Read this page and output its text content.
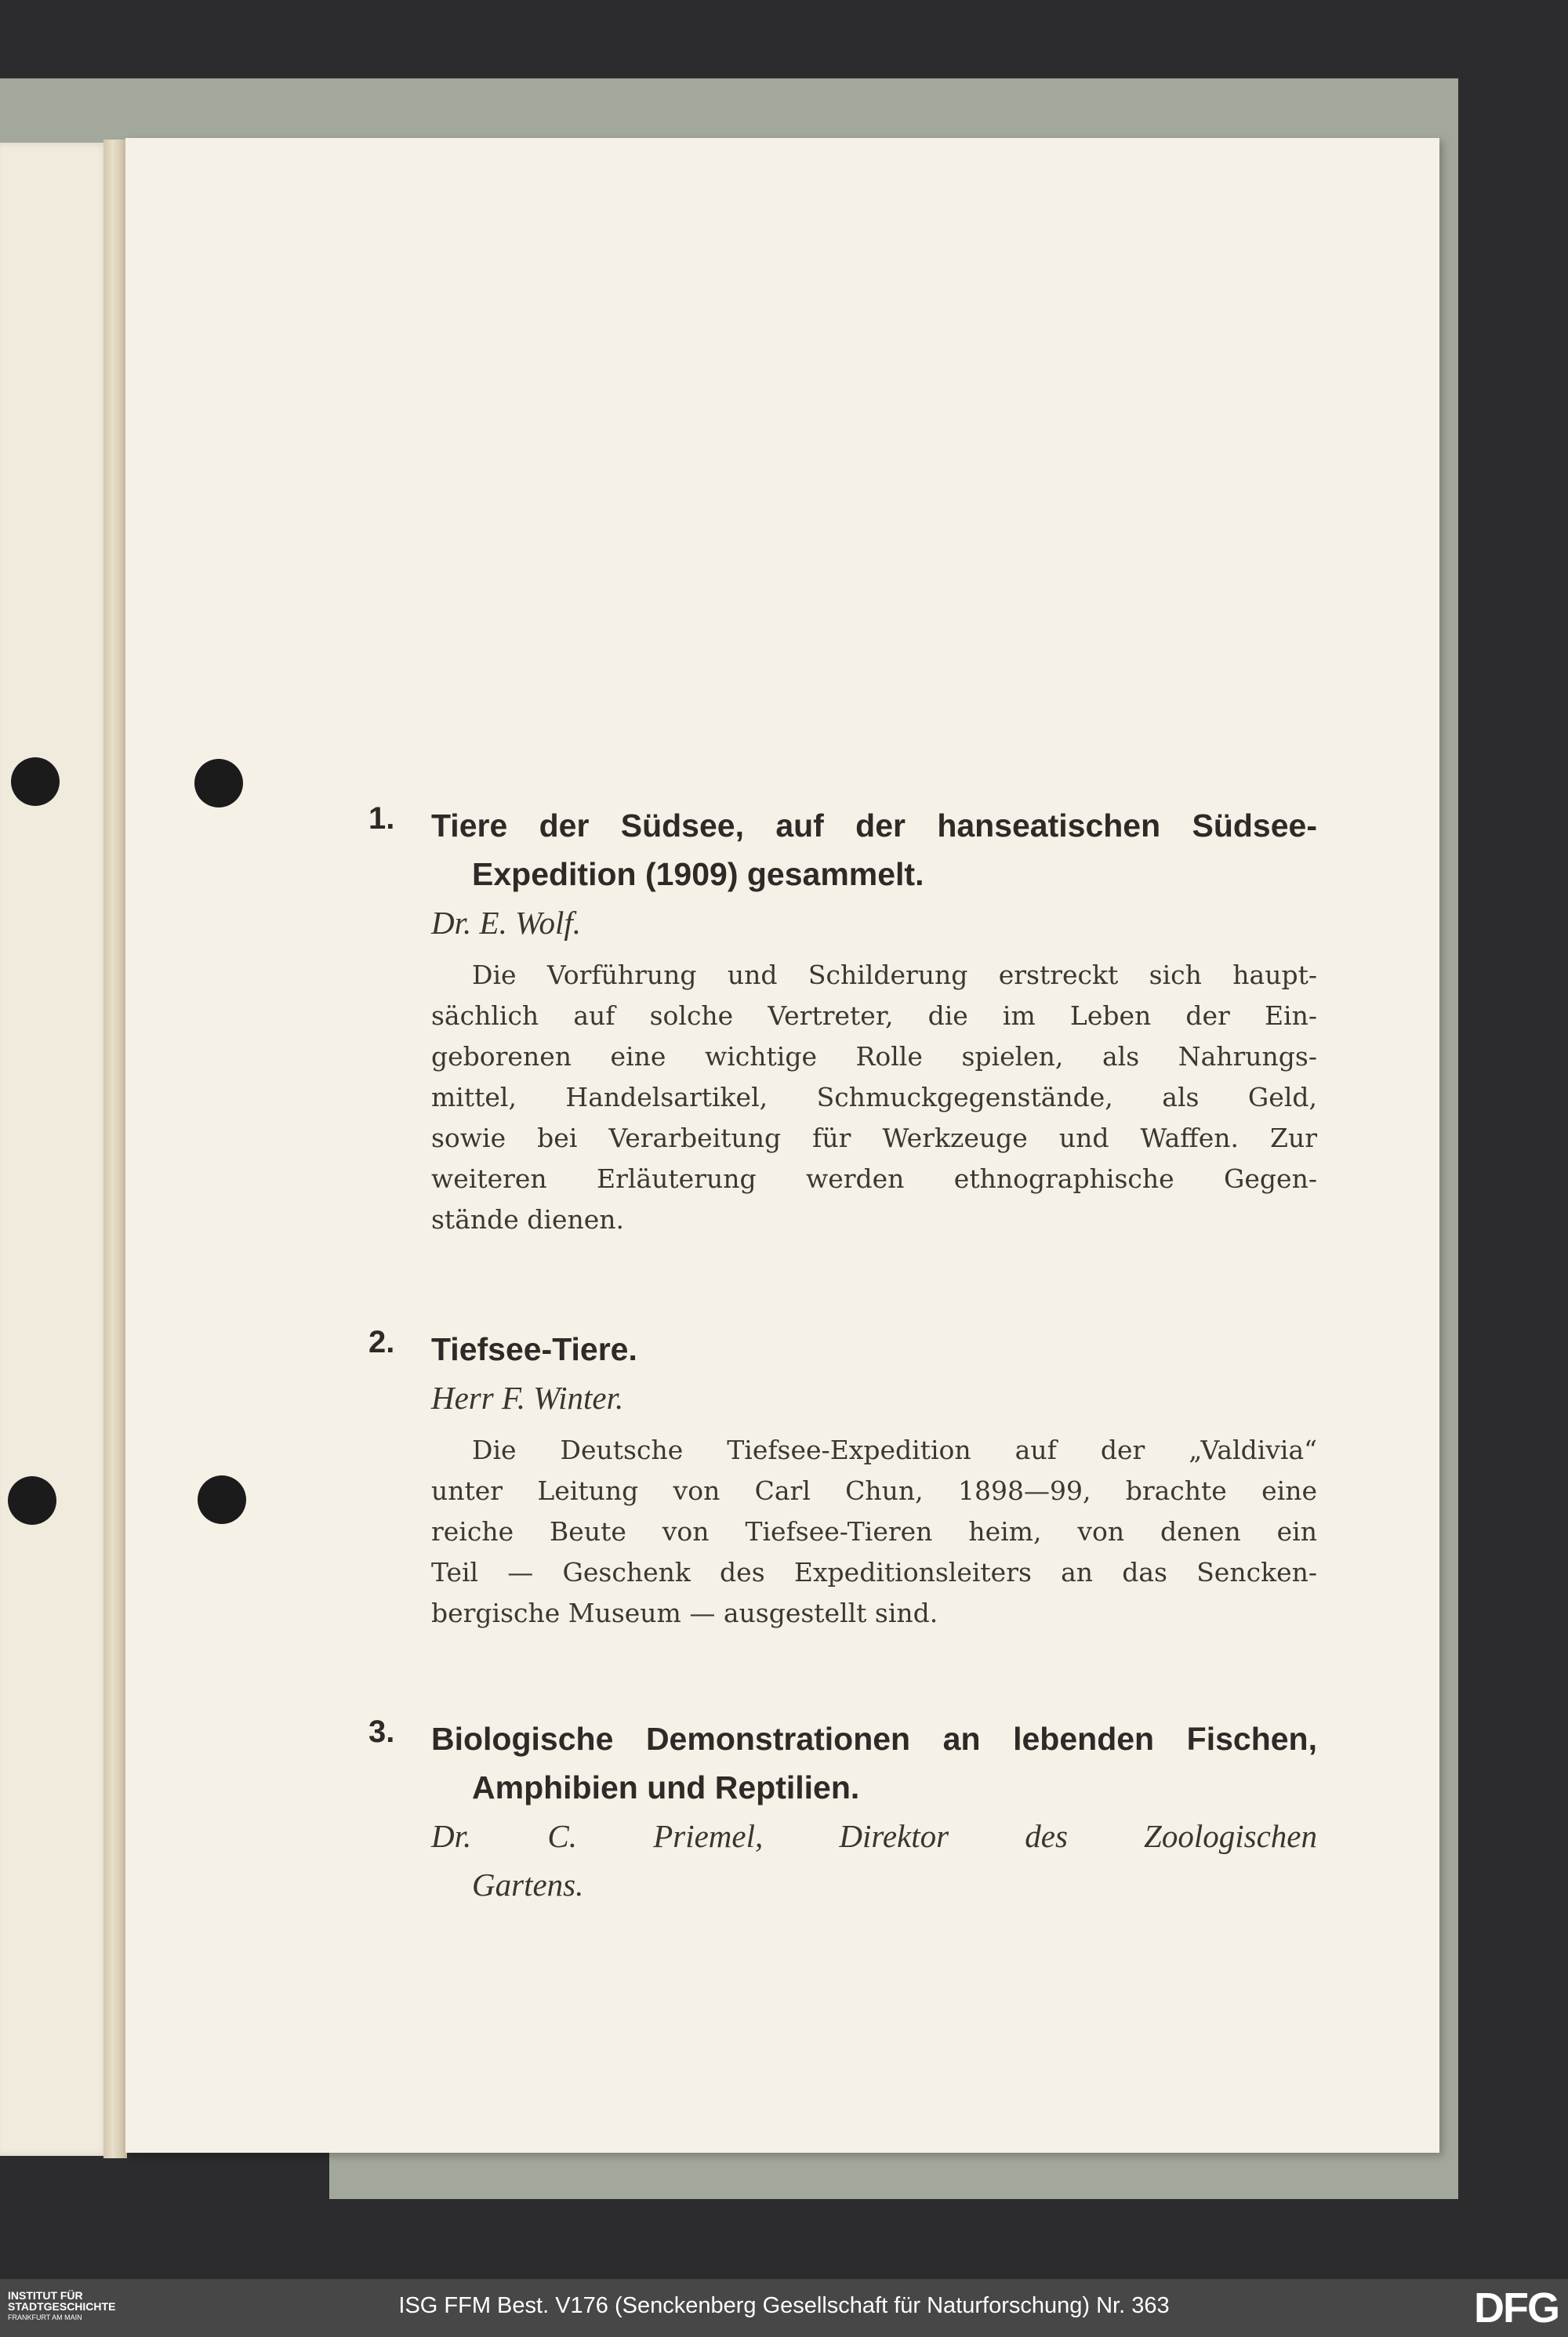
1. Tiere der Südsee, auf der hanseatischen Südsee-
Expedition (1909) gesammelt.

Dr. E. Wolf.

Die Vorführung und Schilderung erstreckt sich haupt-
sächlich auf solche Vertreter, die im Leben der Ein-
geborenen eine wichtige Rolle spielen, als Nahrungs-
mittel, Handelsartikel, Schmuckgegenstände, als Geld,
sowie bei Verarbeitung für Werkzeuge und Waffen. Zur
weiteren Erläuterung werden ethnographische Gegen-
stände dienen.
2. Tiefsee-Tiere.

Herr F. Winter.

Die Deutsche Tiefsee-Expedition auf der „Valdivia“
unter Leitung von Carl Chun, 1898—99, brachte eine
reiche Beute von Tiefsee-Tieren heim, von denen ein
Teil — Geschenk des Expeditionsleiters an das Sencken-
bergische Museum — ausgestellt sind.
3. Biologische Demonstrationen an lebenden Fischen,
Amphibien und Reptilien.

Dr. C. Priemel, Direktor des Zoologischen
Gartens.

INSTITUT FÜR
STADTGESCHICHTE
FRANKFURT AM MAIN	ISG FFM Best. V176 (Senckenberg Gesellschaft für Naturforschung) Nr. 363	DFG
